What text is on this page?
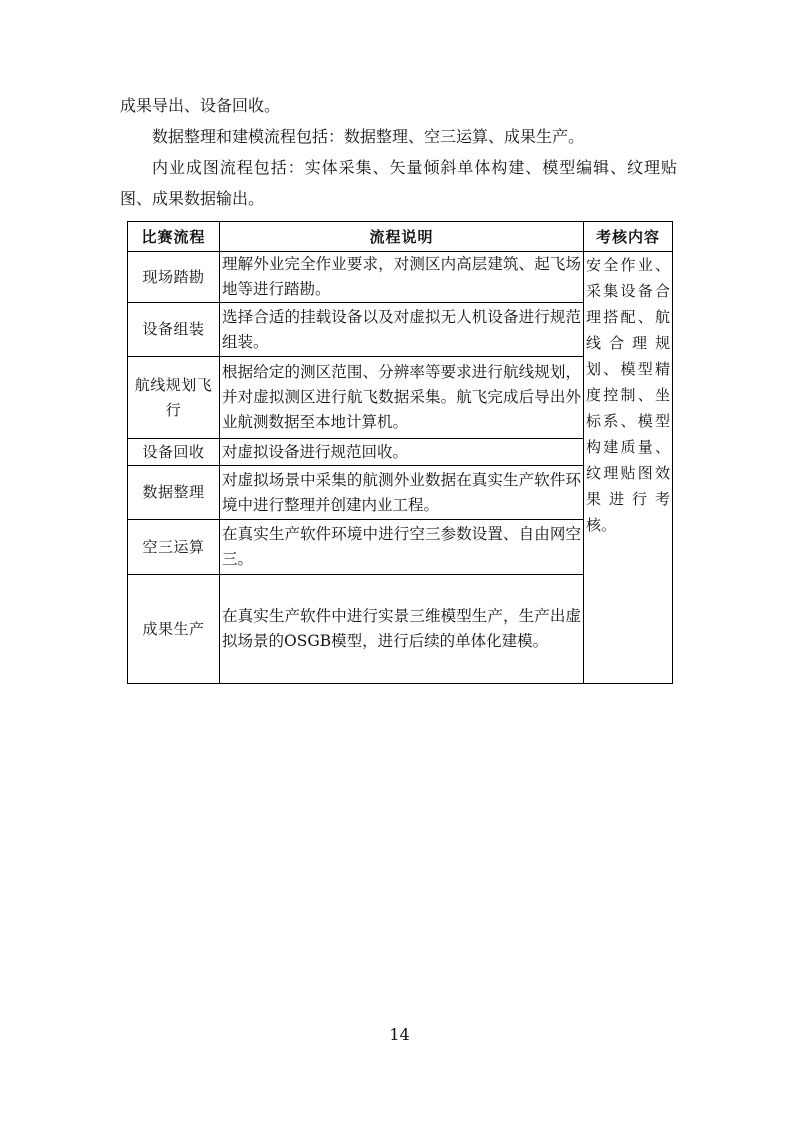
成果导出、设备回收。

数据整理和建模流程包括：数据整理、空三运算、成果生产。

内业成图流程包括：实体采集、矢量倾斜单体构建、模型编辑、纹理贴图、成果数据输出。

比赛流程	流程说明	考核内容
现场踏勘	理解外业完全作业要求，对测区内高层建筑、起飞场地等进行踏勘。	安全作业、采集设备合理搭配、航线合理规划、模型精度控制、坐标系、模型构建质量、纹理贴图效果进行考核。
设备组装	选择合适的挂载设备以及对虚拟无人机设备进行规范组装。	
航线规划飞行	根据给定的测区范围、分辨率等要求进行航线规划，并对虚拟测区进行航飞数据采集。航飞完成后导出外业航测数据至本地计算机。	
设备回收	对虚拟设备进行规范回收。	
数据整理	对虚拟场景中采集的航测外业数据在真实生产软件环境中进行整理并创建内业工程。	
空三运算	在真实生产软件环境中进行空三参数设置、自由网空三。	
成果生产	在真实生产软件中进行实景三维模型生产，生产出虚拟场景的OSGB模型，进行后续的单体化建模。	
14
